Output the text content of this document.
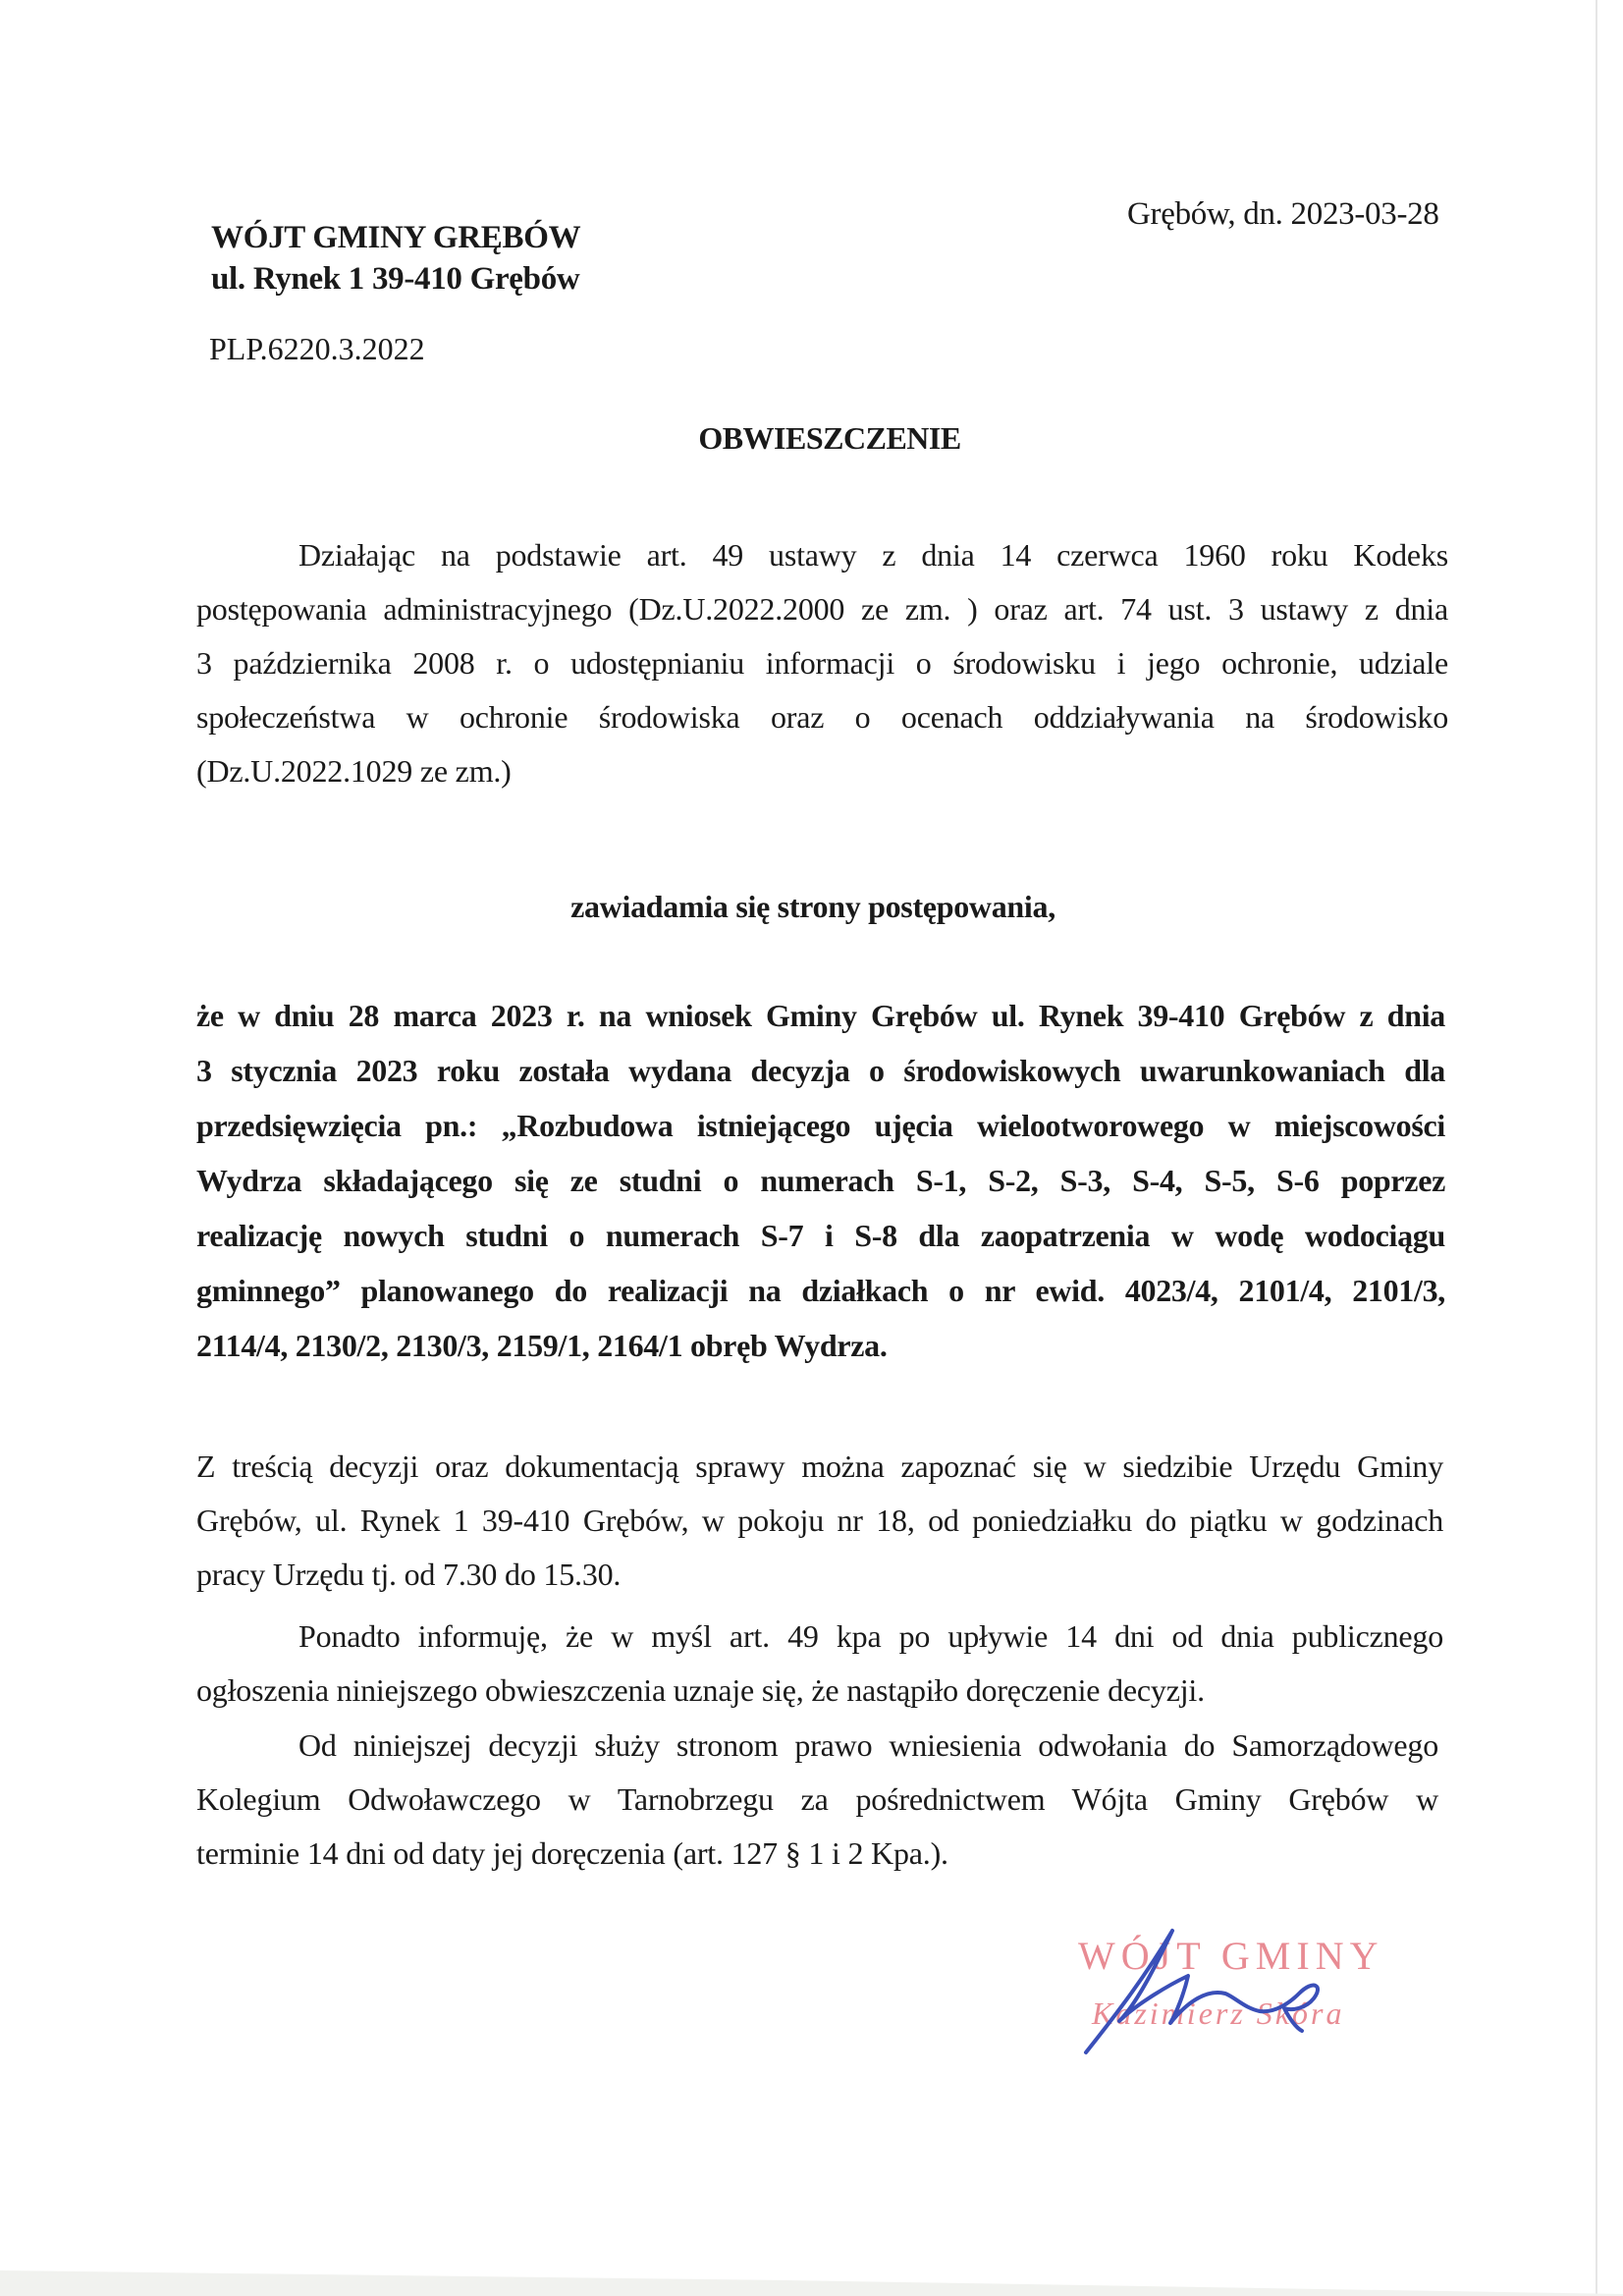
Grębów, dn. 2023-03-28
WÓJT GMINY GRĘBÓW
ul. Rynek 1 39-410 Grębów
PLP.6220.3.2022
OBWIESZCZENIE
Działając na podstawie art. 49 ustawy z dnia 14 czerwca 1960 roku Kodeks
postępowania administracyjnego (Dz.U.2022.2000 ze zm. ) oraz art. 74 ust. 3 ustawy z dnia
3 października 2008 r. o udostępnianiu informacji o środowisku i jego ochronie, udziale
społeczeństwa w ochronie środowiska oraz o ocenach oddziaływania na środowisko
(Dz.U.2022.1029 ze zm.)
zawiadamia się strony postępowania,
że w dniu 28 marca 2023 r. na wniosek Gminy Grębów ul. Rynek 39-410 Grębów z dnia
3 stycznia 2023 roku została wydana decyzja o środowiskowych uwarunkowaniach dla
przedsięwzięcia pn.: „Rozbudowa istniejącego ujęcia wielootworowego w miejscowości
Wydrza składającego się ze studni o numerach S-1, S-2, S-3, S-4, S-5, S-6 poprzez
realizację nowych studni o numerach S-7 i S-8 dla zaopatrzenia w wodę wodociągu
gminnego” planowanego do realizacji na działkach o nr ewid. 4023/4, 2101/4, 2101/3,
2114/4, 2130/2, 2130/3, 2159/1, 2164/1 obręb Wydrza.
Z treścią decyzji oraz dokumentacją sprawy można zapoznać się w siedzibie Urzędu Gminy
Grębów, ul. Rynek 1 39-410 Grębów, w pokoju nr 18, od poniedziałku do piątku w godzinach
pracy Urzędu tj. od 7.30 do 15.30.
Ponadto informuję, że w myśl art. 49 kpa po upływie 14 dni od dnia publicznego
ogłoszenia niniejszego obwieszczenia uznaje się, że nastąpiło doręczenie decyzji.
Od niniejszej decyzji służy stronom prawo wniesienia odwołania do Samorządowego
Kolegium Odwoławczego w Tarnobrzegu za pośrednictwem Wójta Gminy Grębów w
terminie 14 dni od daty jej doręczenia (art. 127 § 1 i 2 Kpa.).
WÓJT GMINY
Kazimierz Skóra
